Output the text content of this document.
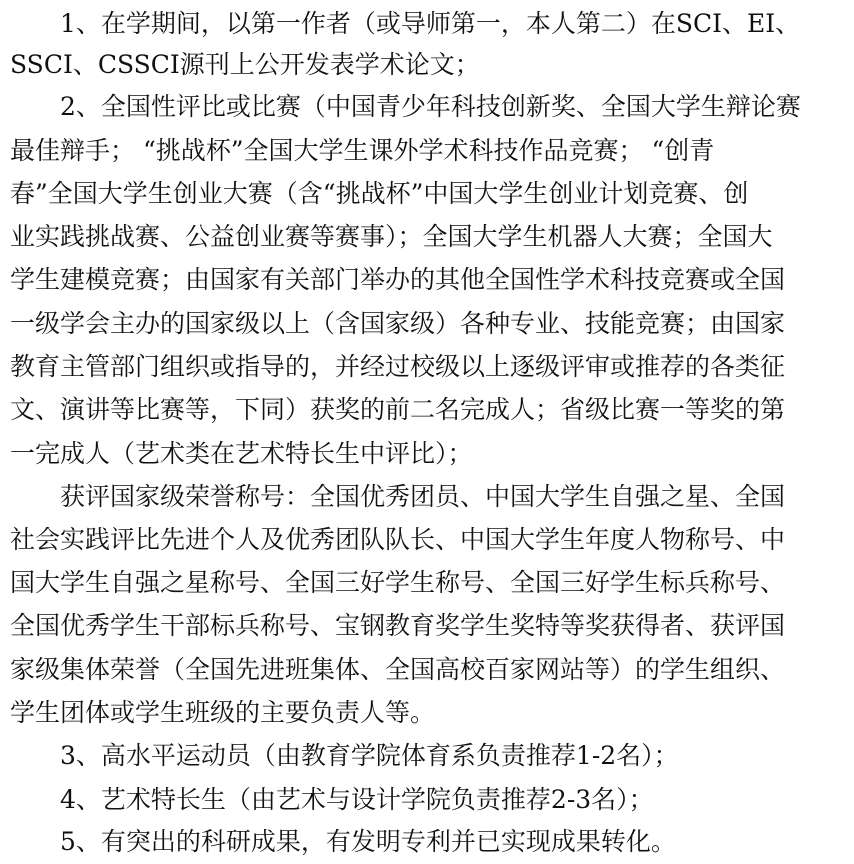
1、在学期间，以第一作者（或导师第一，本人第二）在SCI、EI、

SSCI、CSSCI源刊上公开发表学术论文；

2、全国性评比或比赛（中国青少年科技创新奖、全国大学生辩论赛

最佳辩手； “挑战杯”全国大学生课外学术科技作品竞赛； “创青

春”全国大学生创业大赛（含“挑战杯”中国大学生创业计划竞赛、创

业实践挑战赛、公益创业赛等赛事）；全国大学生机器人大赛；全国大

学生建模竞赛；由国家有关部门举办的其他全国性学术科技竞赛或全国

一级学会主办的国家级以上（含国家级）各种专业、技能竞赛；由国家

教育主管部门组织或指导的，并经过校级以上逐级评审或推荐的各类征

文、演讲等比赛等，下同）获奖的前二名完成人；省级比赛一等奖的第

一完成人（艺术类在艺术特长生中评比）；

获评国家级荣誉称号：全国优秀团员、中国大学生自强之星、全国

社会实践评比先进个人及优秀团队队长、中国大学生年度人物称号、中

国大学生自强之星称号、全国三好学生称号、全国三好学生标兵称号、

全国优秀学生干部标兵称号、宝钢教育奖学生奖特等奖获得者、获评国

家级集体荣誉（全国先进班集体、全国高校百家网站等）的学生组织、

学生团体或学生班级的主要负责人等。

3、高水平运动员（由教育学院体育系负责推荐1-2名）；

4、艺术特长生（由艺术与设计学院负责推荐2-3名）；

5、有突出的科研成果，有发明专利并已实现成果转化。
